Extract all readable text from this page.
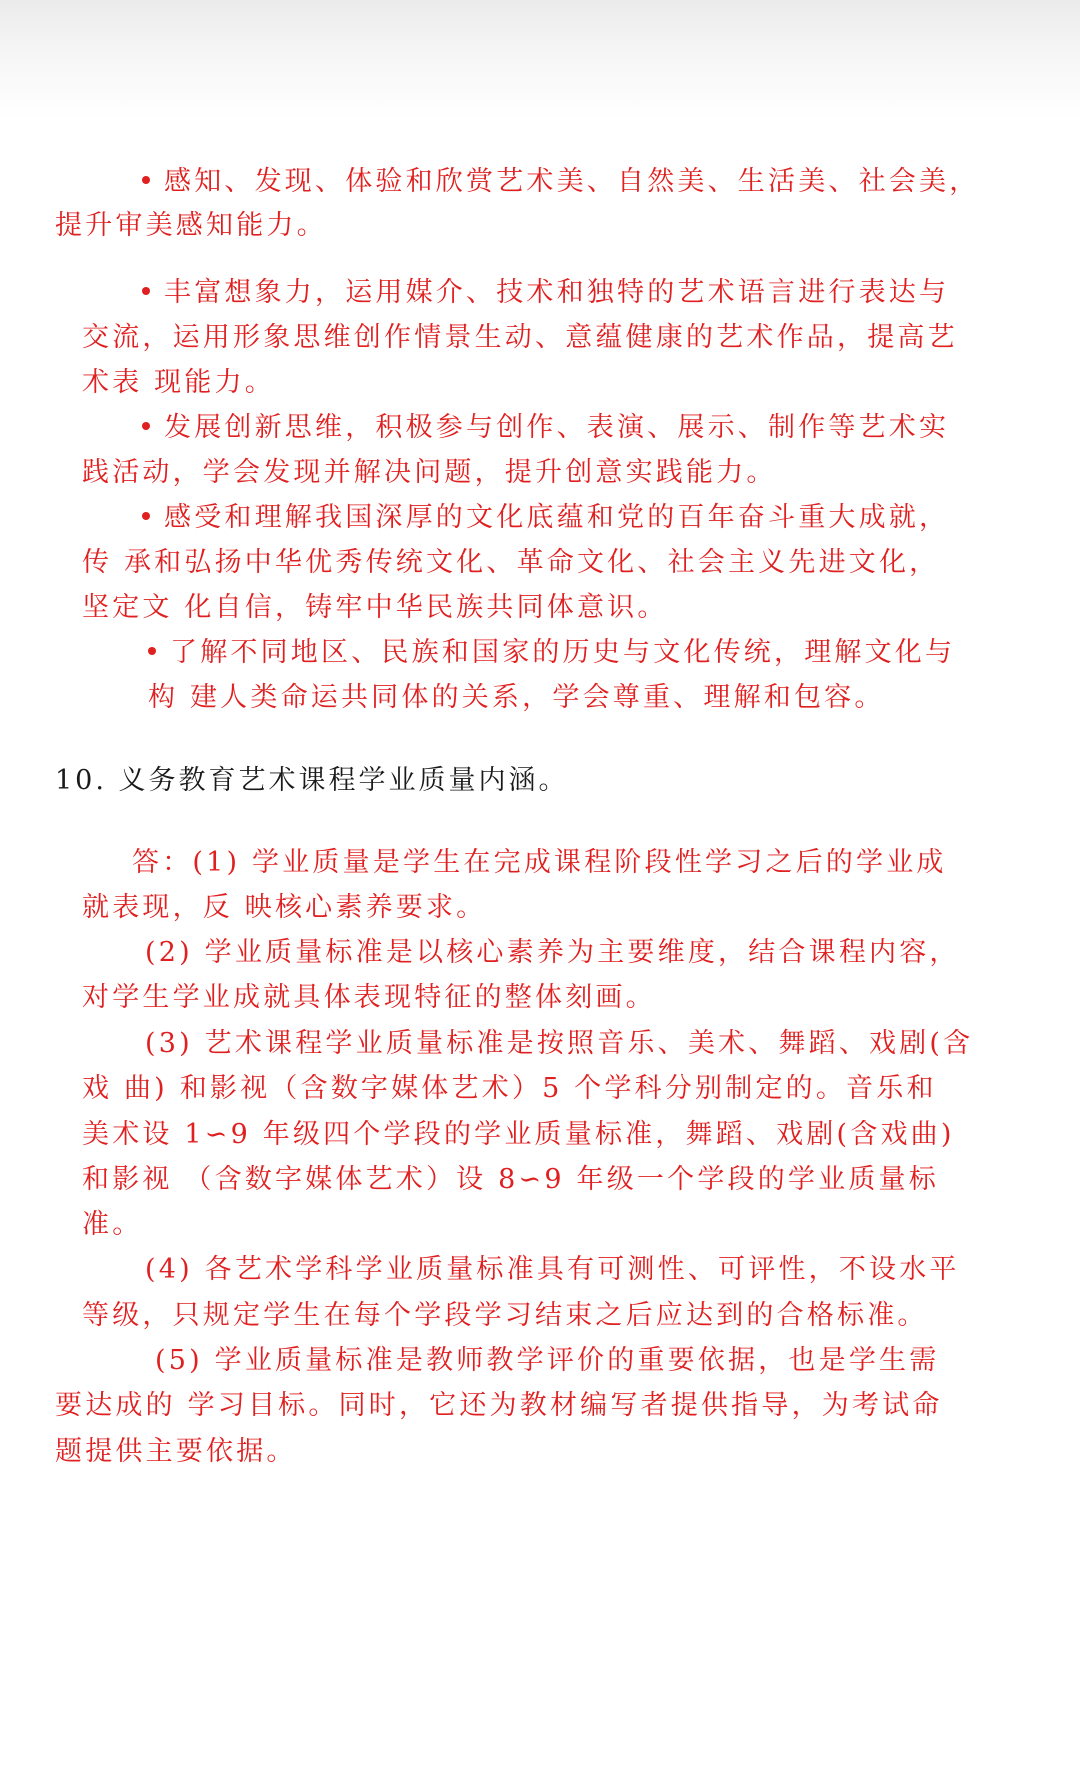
感知、发现、体验和欣赏艺术美、自然美、生活美、社会美，
提升审美感知能力。
丰富想象力，运用媒介、技术和独特的艺术语言进行表达与
交流，运用形象思维创作情景生动、意蕴健康的艺术作品，提高艺
术表 现能力。
发展创新思维，积极参与创作、表演、展示、制作等艺术实
践活动，学会发现并解决问题，提升创意实践能力。
感受和理解我国深厚的文化底蕴和党的百年奋斗重大成就，
传 承和弘扬中华优秀传统文化、革命文化、社会主义先进文化，
坚定文 化自信，铸牢中华民族共同体意识。
了解不同地区、民族和国家的历史与文化传统，理解文化与
构 建人类命运共同体的关系，学会尊重、理解和包容。
10. 义务教育艺术课程学业质量内涵。
答：(1) 学业质量是学生在完成课程阶段性学习之后的学业成
就表现，反 映核心素养要求。
(2) 学业质量标准是以核心素养为主要维度，结合课程内容，
对学生学业成就具体表现特征的整体刻画。
(3) 艺术课程学业质量标准是按照音乐、美术、舞蹈、戏剧(含
戏 曲) 和影视（含数字媒体艺术）5 个学科分别制定的。音乐和
美术设 1∽9 年级四个学段的学业质量标准，舞蹈、戏剧(含戏曲)
和影视 （含数字媒体艺术）设 8∽9 年级一个学段的学业质量标
准。
(4) 各艺术学科学业质量标准具有可测性、可评性，不设水平
等级，只规定学生在每个学段学习结束之后应达到的合格标准。
(5) 学业质量标准是教师教学评价的重要依据，也是学生需
要达成的 学习目标。同时，它还为教材编写者提供指导，为考试命
题提供主要依据。
